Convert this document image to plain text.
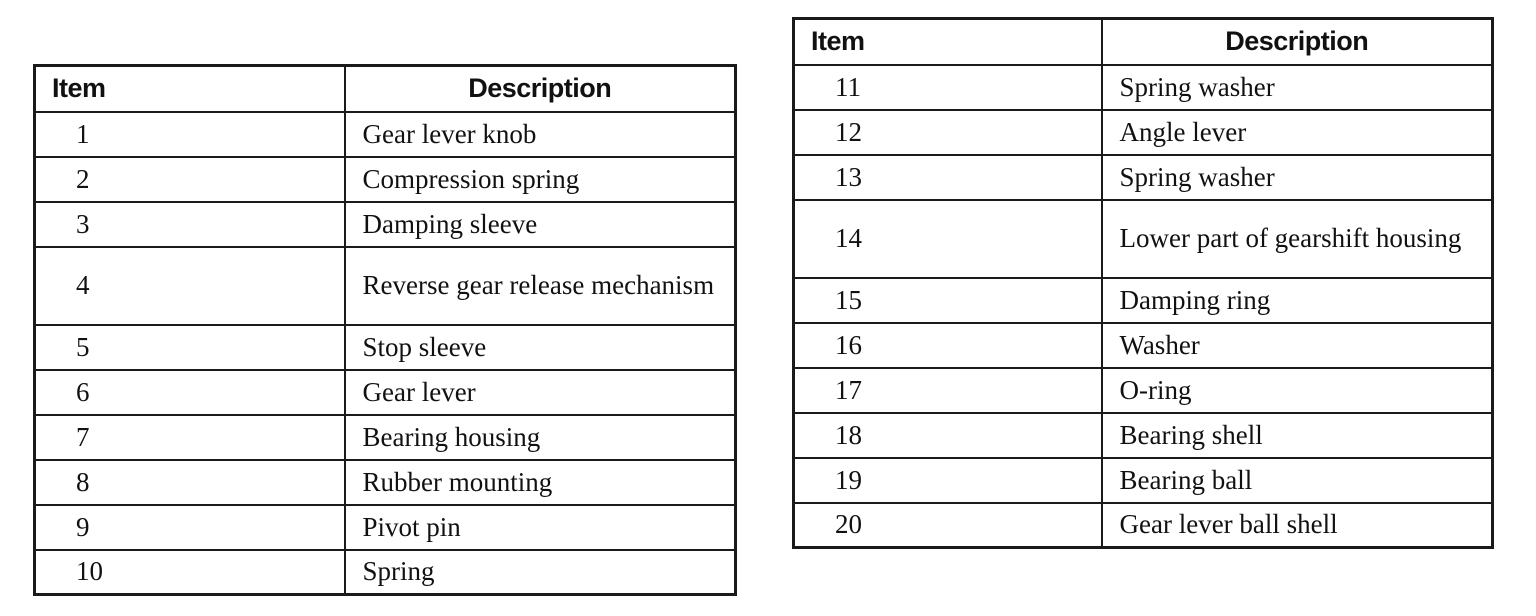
Item	Description
1	Gear lever knob
2	Compression spring
3	Damping sleeve
4	Reverse gear release mechanism
5	Stop sleeve
6	Gear lever
7	Bearing housing
8	Rubber mounting
9	Pivot pin
10	Spring
Item	Description
11	Spring washer
12	Angle lever
13	Spring washer
14	Lower part of gearshift housing
15	Damping ring
16	Washer
17	O-ring
18	Bearing shell
19	Bearing ball
20	Gear lever ball shell
